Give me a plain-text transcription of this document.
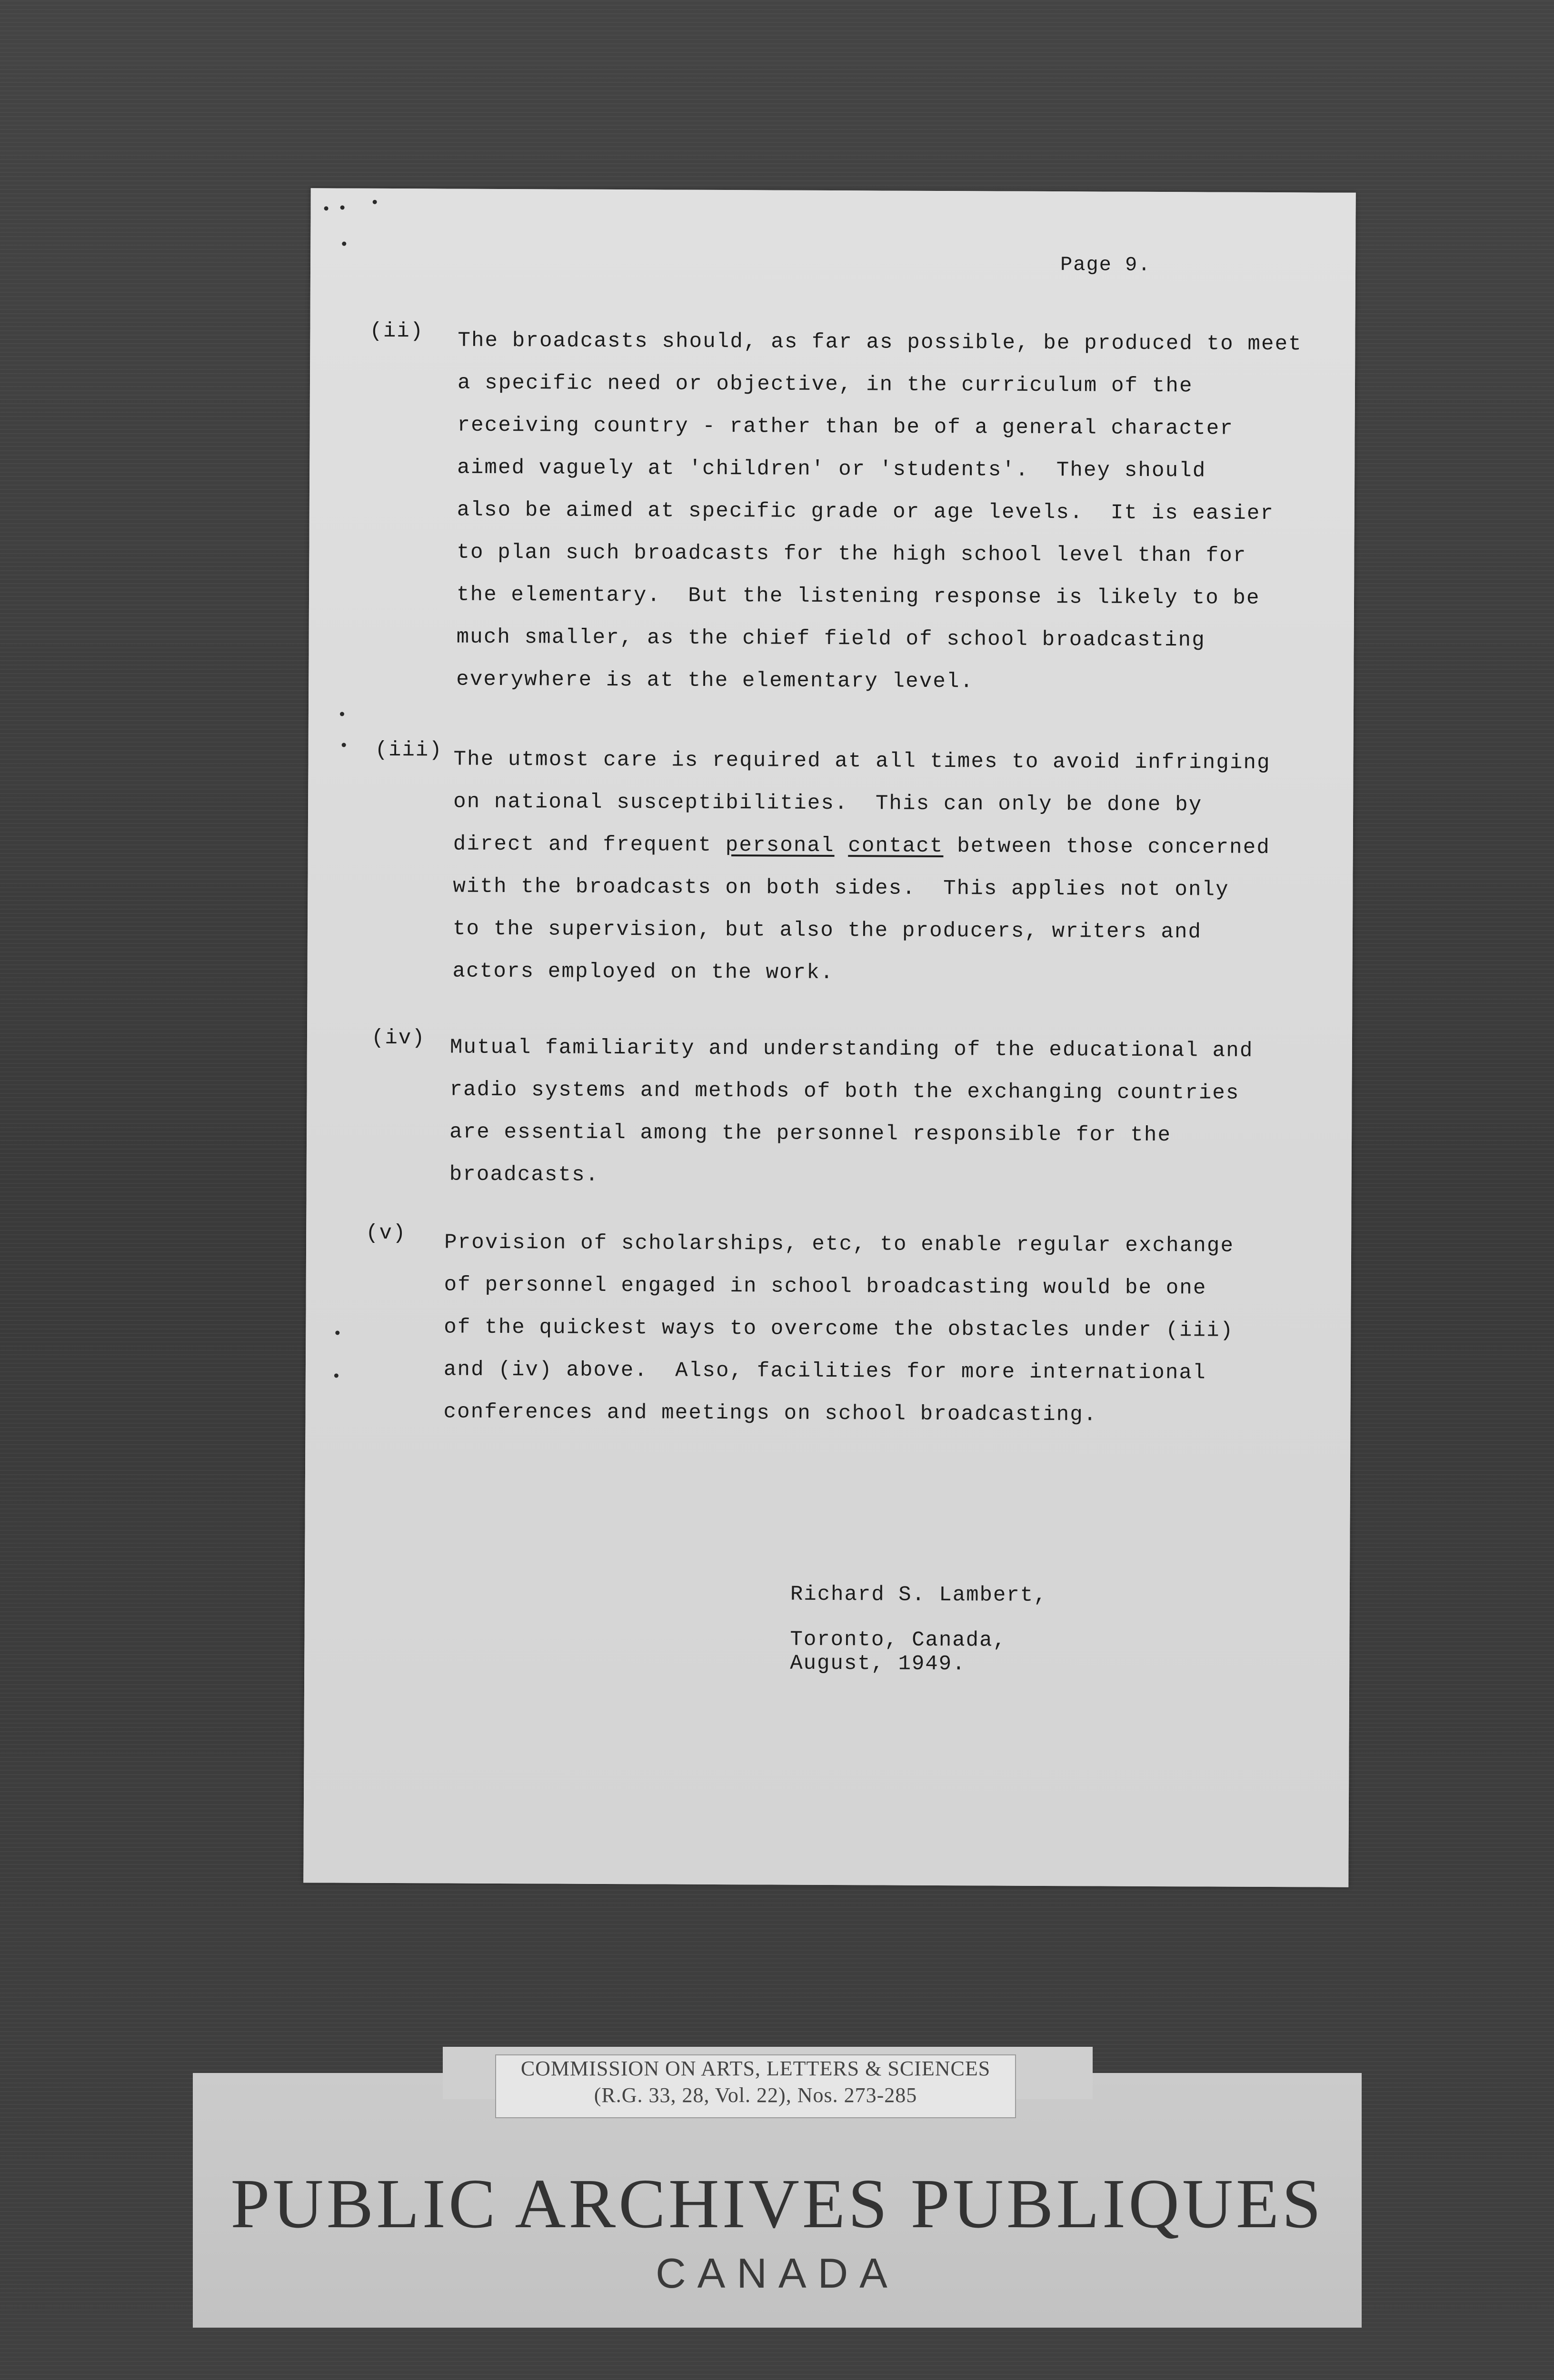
Page 9.
(ii) The broadcasts should, as far as possible, be produced to meet
a specific need or objective, in the curriculum of the
receiving country - rather than be of a general character
aimed vaguely at 'children' or 'students'.  They should
also be aimed at specific grade or age levels.  It is easier
to plan such broadcasts for the high school level than for
the elementary.  But the listening response is likely to be
much smaller, as the chief field of school broadcasting
everywhere is at the elementary level.
(iii) The utmost care is required at all times to avoid infringing
on national susceptibilities.  This can only be done by
direct and frequent personal contact between those concerned
with the broadcasts on both sides.  This applies not only
to the supervision, but also the producers, writers and
actors employed on the work.
(iv) Mutual familiarity and understanding of the educational and
radio systems and methods of both the exchanging countries
are essential among the personnel responsible for the
broadcasts.
(v) Provision of scholarships, etc, to enable regular exchange
of personnel engaged in school broadcasting would be one
of the quickest ways to overcome the obstacles under (iii)
and (iv) above.  Also, facilities for more international
conferences and meetings on school broadcasting.
Richard S. Lambert,
Toronto, Canada,
August, 1949.
COMMISSION ON ARTS, LETTERS & SCIENCES
(R.G. 33, 28, Vol. 22), Nos. 273-285
PUBLIC ARCHIVES PUBLIQUES
CANADA
